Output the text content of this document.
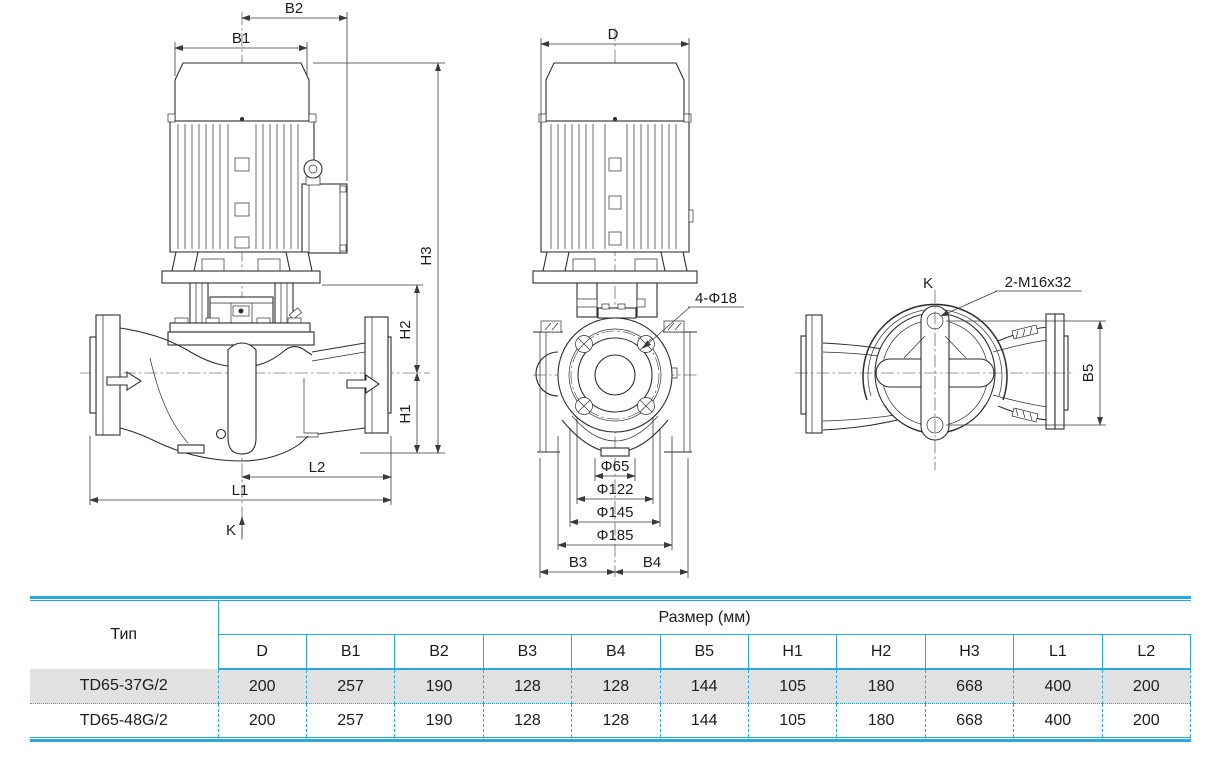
B2
B1
H3
H2
H1
L2
L1
K
D
4-Φ18
Φ65
Φ122
Φ145
Φ185
B3	B4
K	2-M16x32
B5
Тип	Размер (мм)										
	D	B1	B2	B3	B4	B5	H1	H2	H3	L1	L2
TD65-37G/2	200	257	190	128	128	144	105	180	668	400	200
TD65-48G/2	200	257	190	128	128	144	105	180	668	400	200
